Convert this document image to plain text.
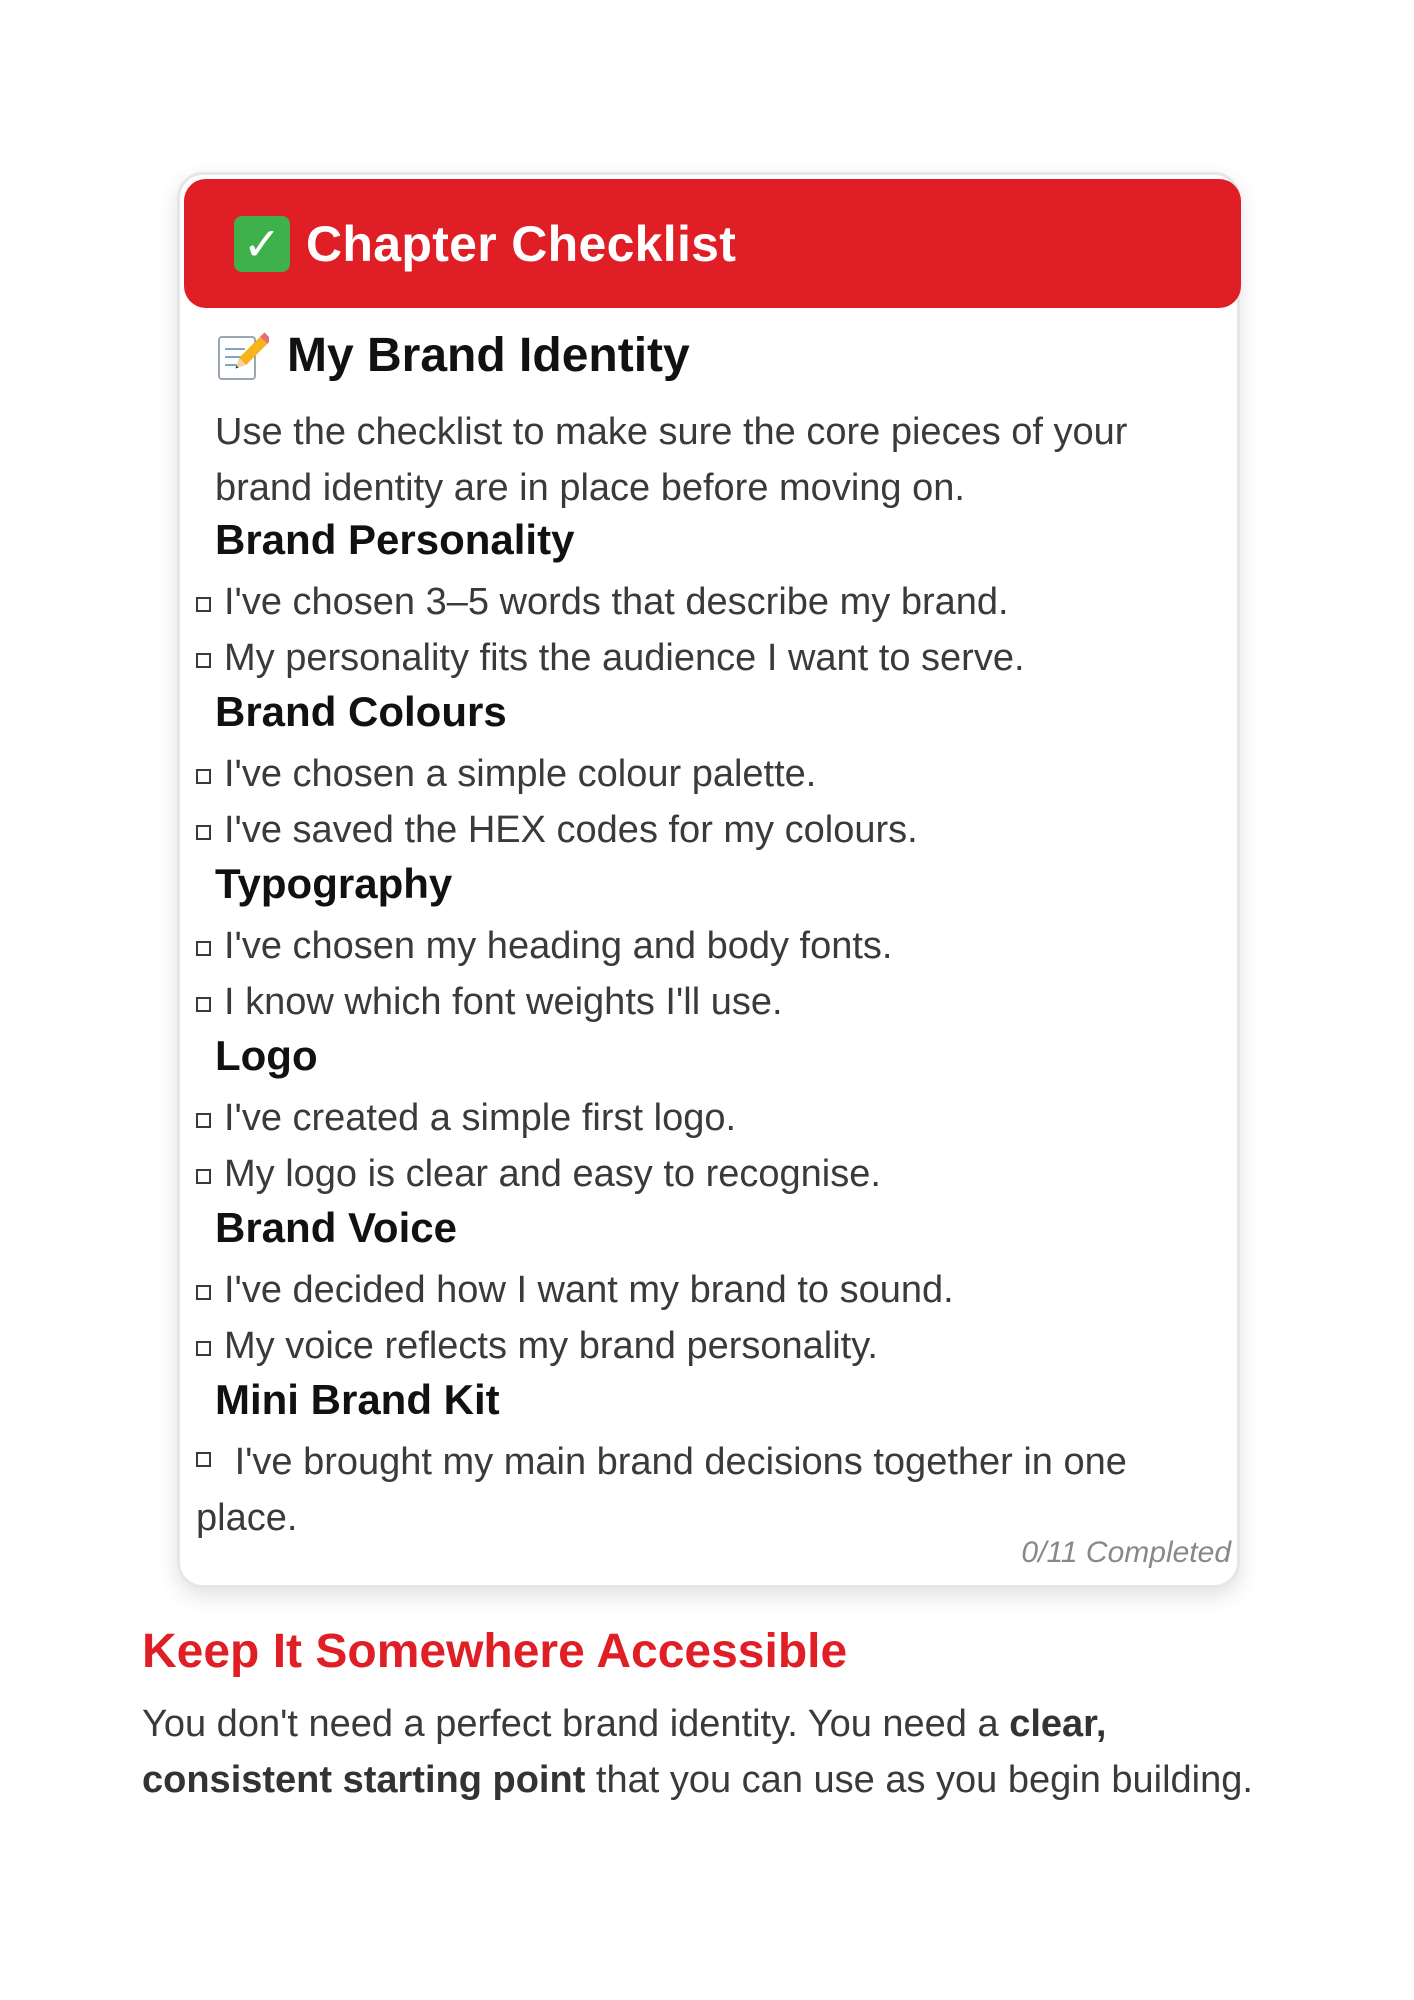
✓ Chapter Checklist
My Brand Identity
Use the checklist to make sure the core pieces of your brand identity are in place before moving on.
Brand Personality
I've chosen 3–5 words that describe my brand.
My personality fits the audience I want to serve.
Brand Colours
I've chosen a simple colour palette.
I've saved the HEX codes for my colours.
Typography
I've chosen my heading and body fonts.
I know which font weights I'll use.
Logo
I've created a simple first logo.
My logo is clear and easy to recognise.
Brand Voice
I've decided how I want my brand to sound.
My voice reflects my brand personality.
Mini Brand Kit
I've brought my main brand decisions together in one place.
0/11 Completed
Keep It Somewhere Accessible
You don't need a perfect brand identity. You need a clear, consistent starting point that you can use as you begin building.
